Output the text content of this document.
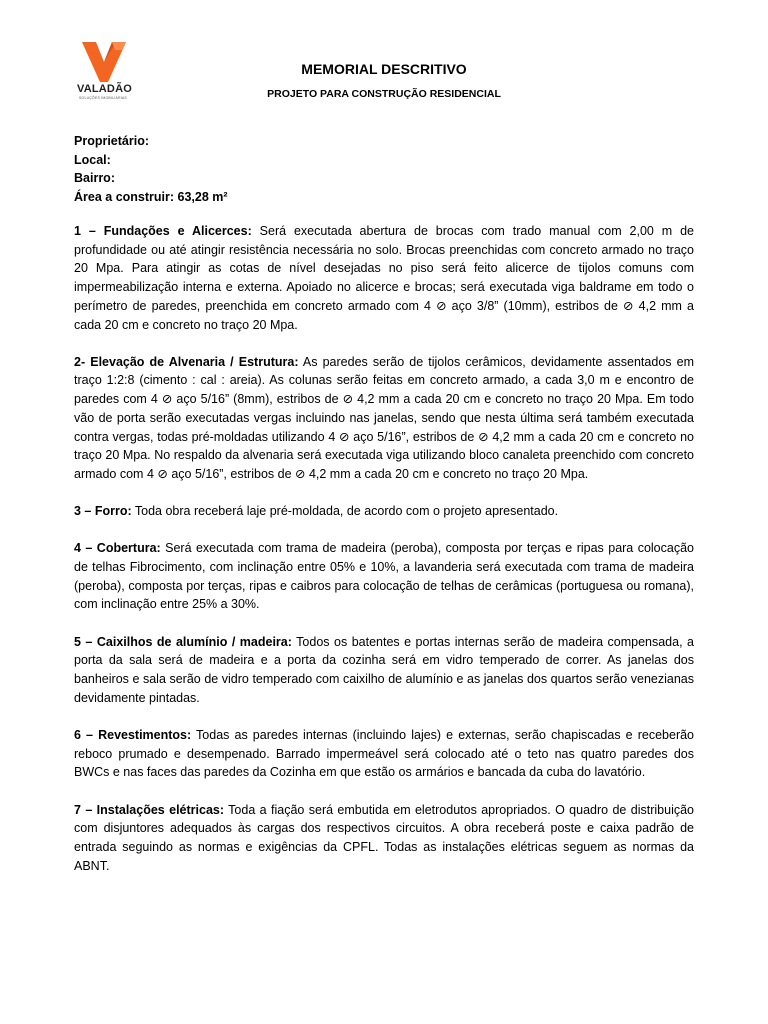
VALADÃO
SOLUÇÕES IMOBILIÁRIAS
MEMORIAL DESCRITIVO
PROJETO PARA CONSTRUÇÃO RESIDENCIAL
Proprietário:
Local:
Bairro:
Área a construir: 63,28 m²

1 – Fundações e Alicerces: Será executada abertura de brocas com trado manual com 2,00 m de profundidade ou até atingir resistência necessária no solo. Brocas preenchidas com concreto armado no traço 20 Mpa. Para atingir as cotas de nível desejadas no piso será feito alicerce de tijolos comuns com impermeabilização interna e externa. Apoiado no alicerce e brocas; será executada viga baldrame em todo o perímetro de paredes, preenchida em concreto armado com 4 ⊘ aço 3/8” (10mm), estribos de ⊘ 4,2 mm a cada 20 cm e concreto no traço 20 Mpa.

2- Elevação de Alvenaria / Estrutura: As paredes serão de tijolos cerâmicos, devidamente assentados em traço 1:2:8 (cimento : cal : areia). As colunas serão feitas em concreto armado, a cada 3,0 m e encontro de paredes com 4 ⊘ aço 5/16” (8mm), estribos de ⊘ 4,2 mm a cada 20 cm e concreto no traço 20 Mpa. Em todo vão de porta serão executadas vergas incluindo nas janelas, sendo que nesta última será também executada contra vergas, todas pré-moldadas utilizando 4 ⊘ aço 5/16”, estribos de ⊘ 4,2 mm a cada 20 cm e concreto no traço 20 Mpa. No respaldo da alvenaria será executada viga utilizando bloco canaleta preenchido com concreto armado com 4 ⊘ aço 5/16”, estribos de ⊘ 4,2 mm a cada 20 cm e concreto no traço 20 Mpa.

3 – Forro: Toda obra receberá laje pré-moldada, de acordo com o projeto apresentado.

4 – Cobertura: Será executada com trama de madeira (peroba), composta por terças e ripas para colocação de telhas Fibrocimento, com inclinação entre 05% e 10%, a lavanderia será executada com trama de madeira (peroba), composta por terças, ripas e caibros para colocação de telhas de cerâmicas (portuguesa ou romana), com inclinação entre 25% a 30%.

5 – Caixilhos de alumínio / madeira: Todos os batentes e portas internas serão de madeira compensada, a porta da sala será de madeira e a porta da cozinha será em vidro temperado de correr. As janelas dos banheiros e sala serão de vidro temperado com caixilho de alumínio e as janelas dos quartos serão venezianas devidamente pintadas.

6 – Revestimentos: Todas as paredes internas (incluindo lajes) e externas, serão chapiscadas e receberão reboco prumado e desempenado. Barrado impermeável será colocado até o teto nas quatro paredes dos BWCs e nas faces das paredes da Cozinha em que estão os armários e bancada da cuba do lavatório.

7 – Instalações elétricas: Toda a fiação será embutida em eletrodutos apropriados. O quadro de distribuição com disjuntores adequados às cargas dos respectivos circuitos. A obra receberá poste e caixa padrão de entrada seguindo as normas e exigências da CPFL. Todas as instalações elétricas seguem as normas da ABNT.
